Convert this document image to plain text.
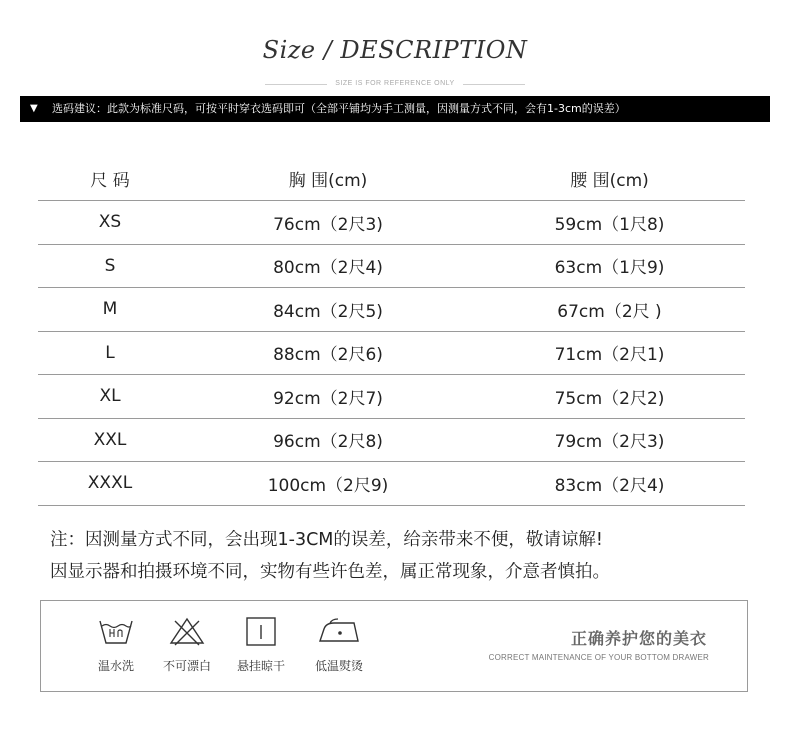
Size / DESCRIPTION
SIZE IS FOR REFERENCE ONLY
▼ 选码建议：此款为标准尺码，可按平时穿衣选码即可（全部平铺均为手工测量，因测量方式不同，会有1-3cm的误差）
尺 码	胸 围(cm)	腰 围(cm)
XS	76cm（2尺3)	59cm（1尺8)
S	80cm（2尺4)	63cm（1尺9)
M	84cm（2尺5)	67cm（2尺 )
L	88cm（2尺6)	71cm（2尺1)
XL	92cm（2尺7)	75cm（2尺2)
XXL	96cm（2尺8)	79cm（2尺3)
XXXL	100cm（2尺9)	83cm（2尺4)
注：因测量方式不同，会出现1-3CM的误差，给亲带来不便，敬请谅解!
因显示器和拍摄环境不同，实物有些许色差，属正常现象，介意者慎拍。
温水洗	不可漂白	悬挂晾干	低温熨烫
正确养护您的美衣
CORRECT MAINTENANCE OF YOUR BOTTOM DRAWER
